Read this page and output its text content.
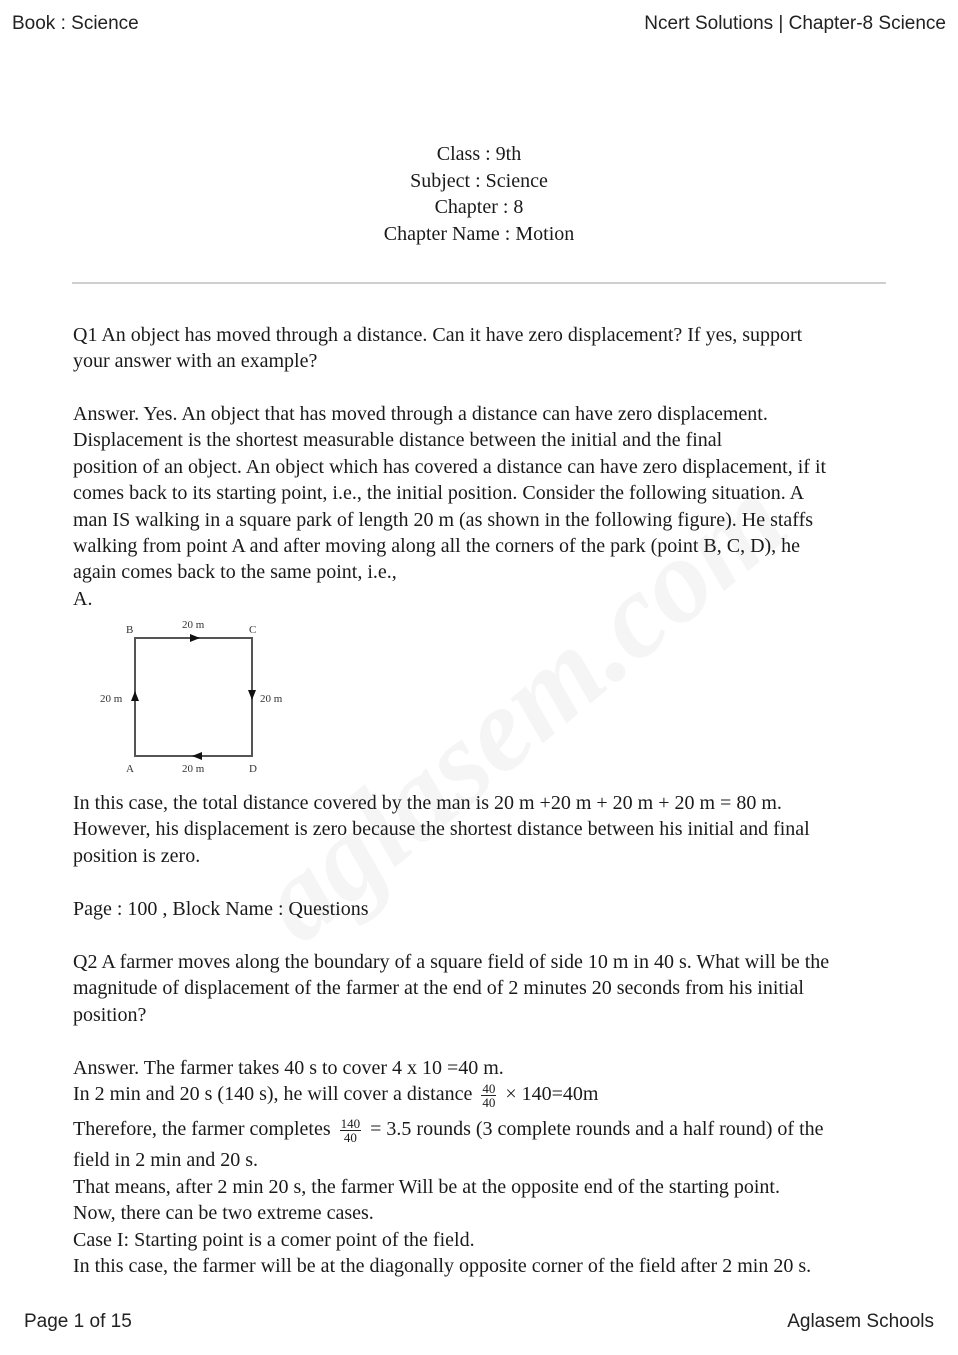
Book : Science	Ncert Solutions | Chapter-8 Science
Class : 9th
Subject : Science
Chapter : 8
Chapter Name : Motion
Q1 An object has moved through a distance. Can it have zero displacement? If yes, support
your answer with an example?
Answer. Yes. An object that has moved through a distance can have zero displacement.
Displacement is the shortest measurable distance between the initial and the final
position of an object. An object which has covered a distance can have zero displacement, if it
comes back to its starting point, i.e., the initial position. Consider the following situation. A
man IS walking in a square park of length 20 m (as shown in the following figure). He staffs
walking from point A and after moving along all the corners of the park (point B, C, D), he
again comes back to the same point, i.e.,
A.
B	C
A	D
20 m
20 m
20 m
20 m
In this case, the total distance covered by the man is 20 m +20 m + 20 m + 20 m = 80 m.
However, his displacement is zero because the shortest distance between his initial and final
position is zero.
Page : 100 , Block Name : Questions
Q2 A farmer moves along the boundary of a square field of side 10 m in 40 s. What will be the
magnitude of displacement of the farmer at the end of 2 minutes 20 seconds from his initial
position?
Answer. The farmer takes 40 s to cover 4 x 10 =40 m.
In 2 min and 20 s (140 s), he will cover a distance $\frac{40}{40} \times 140=40m$
Therefore, the farmer completes $\frac{140}{40} = 3.5$ rounds (3 complete rounds and a half round) of the
field in 2 min and 20 s.
That means, after 2 min 20 s, the farmer Will be at the opposite end of the starting point.
Now, there can be two extreme cases.
Case I: Starting point is a comer point of the field.
In this case, the farmer will be at the diagonally opposite corner of the field after 2 min 20 s.
Page 1 of 15	Aglasem Schools
